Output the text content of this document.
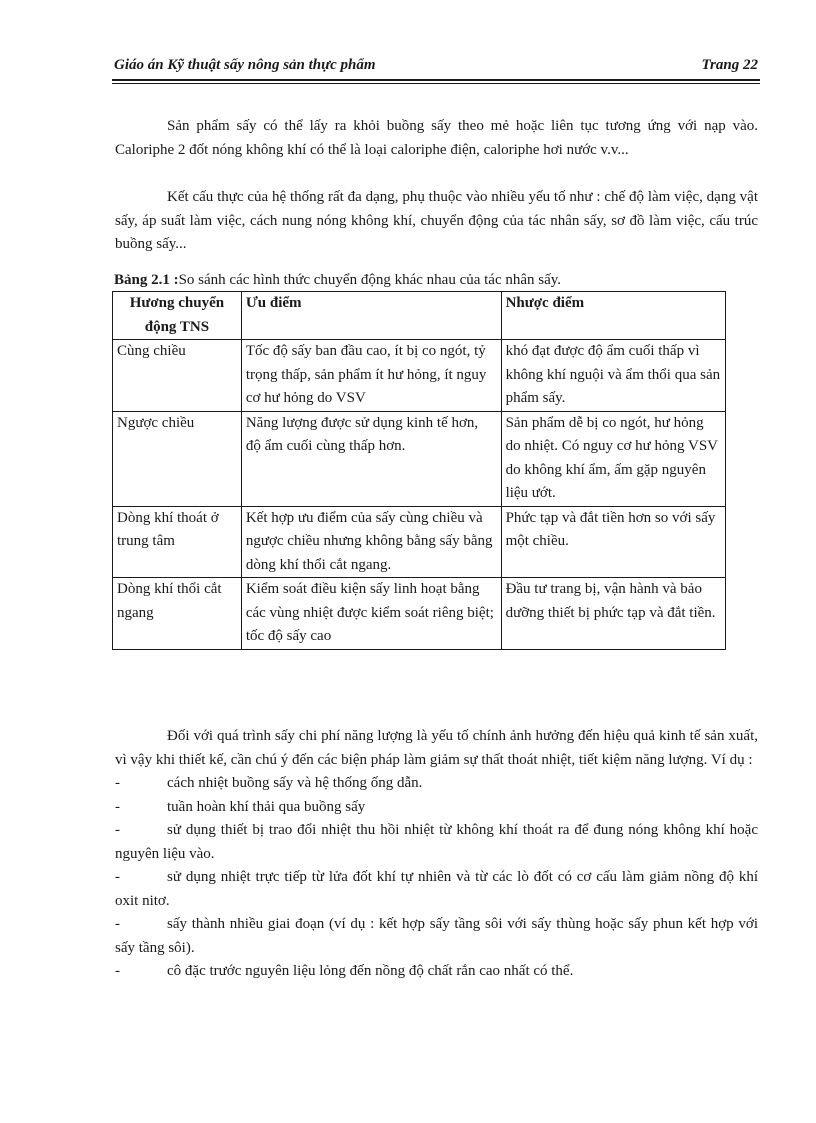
Giáo án Kỹ thuật sấy nông sản thực phẩm	Trang 22

Sản phẩm sấy có thể lấy ra khỏi buồng sấy theo mẻ hoặc liên tục tương ứng với nạp vào. Caloriphe 2 đốt nóng không khí có thể là loại caloriphe điện, caloriphe hơi nước v.v...

Kết cấu thực của hệ thống rất đa dạng, phụ thuộc vào nhiều yếu tố như : chế độ làm việc, dạng vật sấy, áp suất làm việc, cách nung nóng không khí, chuyển động của tác nhân sấy, sơ đồ làm việc, cấu trúc buồng sấy...

Bảng 2.1 :So sánh các hình thức chuyển động khác nhau của tác nhân sấy.
Hương chuyển động TNS	Ưu điểm	Nhược điểm
Cùng chiều	Tốc độ sấy ban đầu cao, ít bị co ngót, tỷ trọng thấp, sản phẩm ít hư hỏng, ít nguy cơ hư hỏng do VSV	khó đạt được độ ẩm cuối thấp vì không khí nguội và ẩm thổi qua sản phẩm sấy.
Ngược chiều	Năng lượng được sử dụng kinh tế hơn, độ ẩm cuối cùng thấp hơn.	Sản phẩm dễ bị co ngót, hư hỏng do nhiệt. Có nguy cơ hư hỏng VSV do không khí ẩm, ấm gặp nguyên liệu ướt.
Dòng khí thoát ở trung tâm	Kết hợp ưu điểm của sấy cùng chiều và ngược chiều nhưng không bằng sấy bằng dòng khí thổi cắt ngang.	Phức tạp và đắt tiền hơn so với sấy một chiều.
Dòng khí thổi cắt ngang	Kiểm soát điều kiện sấy linh hoạt bằng các vùng nhiệt được kiểm soát riêng biệt; tốc độ sấy cao	Đầu tư trang bị, vận hành và bảo dưỡng thiết bị phức tạp và đắt tiền.

Đối với quá trình sấy chi phí năng lượng là yếu tố chính ảnh hưởng đến hiệu quả kinh tế sản xuất, vì vậy khi thiết kế, cần chú ý đến các biện pháp làm giảm sự thất thoát nhiệt, tiết kiệm năng lượng. Ví dụ :

-	cách nhiệt buồng sấy và hệ thống ống dẫn.
-	tuần hoàn khí thải qua buồng sấy
-	sử dụng thiết bị trao đổi nhiệt thu hồi nhiệt từ không khí thoát ra để đung nóng không khí hoặc nguyên liệu vào.
-	sử dụng nhiệt trực tiếp từ lửa đốt khí tự nhiên và từ các lò đốt có cơ cấu làm giảm nồng độ khí oxit nitơ.
-	sấy thành nhiều giai đoạn (ví dụ : kết hợp sấy tầng sôi với sấy thùng hoặc sấy phun kết hợp với sấy tầng sôi).
-	cô đặc trước nguyên liệu lỏng đến nồng độ chất rắn cao nhất có thể.
